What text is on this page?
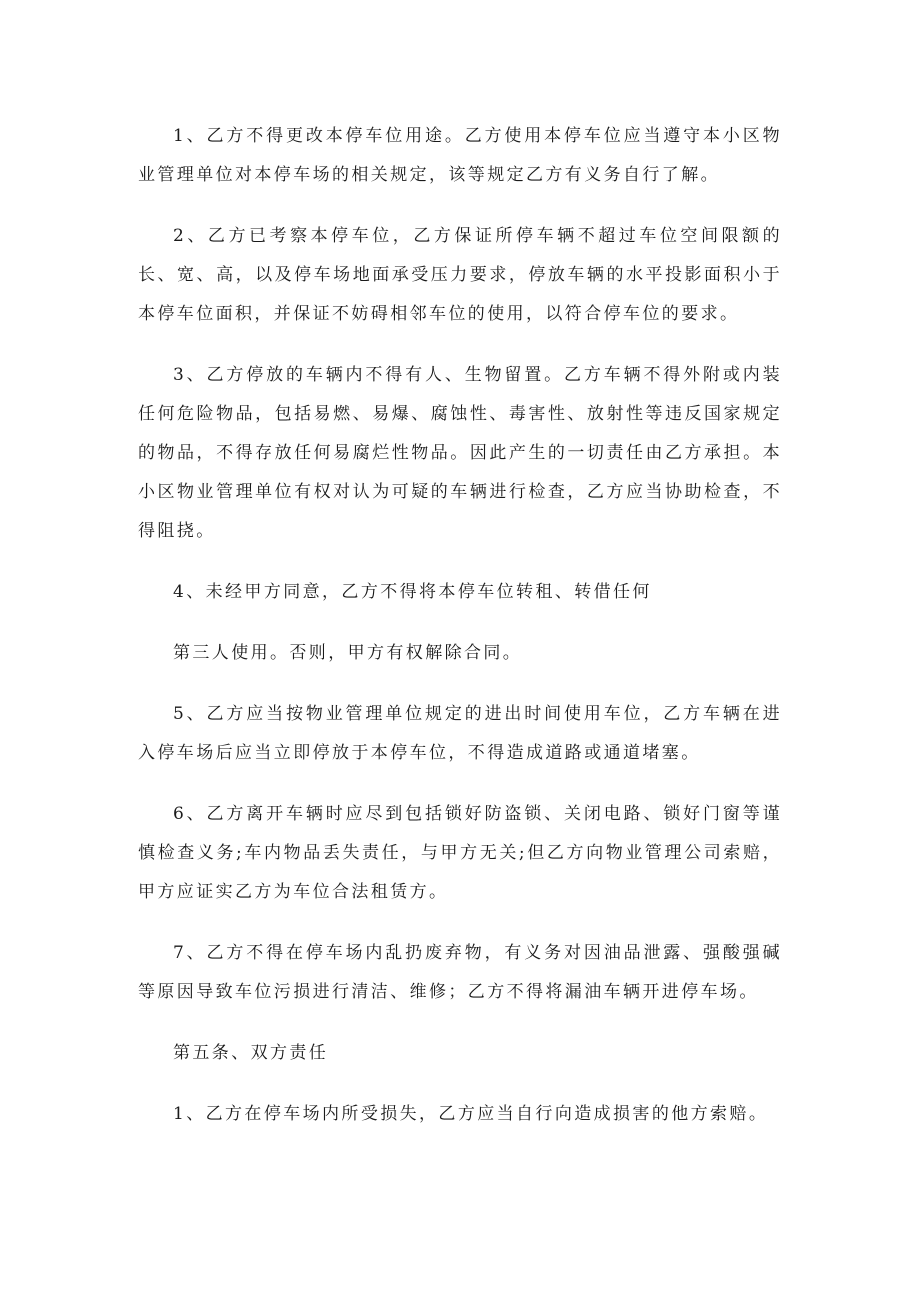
1、乙方不得更改本停车位用途。乙方使用本停车位应当遵守本小区物业管理单位对本停车场的相关规定，该等规定乙方有义务自行了解。

2、乙方已考察本停车位，乙方保证所停车辆不超过车位空间限额的长、宽、高，以及停车场地面承受压力要求，停放车辆的水平投影面积小于本停车位面积，并保证不妨碍相邻车位的使用，以符合停车位的要求。

3、乙方停放的车辆内不得有人、生物留置。乙方车辆不得外附或内装任何危险物品，包括易燃、易爆、腐蚀性、毒害性、放射性等违反国家规定的物品，不得存放任何易腐烂性物品。因此产生的一切责任由乙方承担。本小区物业管理单位有权对认为可疑的车辆进行检查，乙方应当协助检查，不得阻挠。

4、未经甲方同意，乙方不得将本停车位转租、转借任何

第三人使用。否则，甲方有权解除合同。

5、乙方应当按物业管理单位规定的进出时间使用车位，乙方车辆在进入停车场后应当立即停放于本停车位，不得造成道路或通道堵塞。

6、乙方离开车辆时应尽到包括锁好防盗锁、关闭电路、锁好门窗等谨慎检查义务;车内物品丢失责任，与甲方无关;但乙方向物业管理公司索赔，甲方应证实乙方为车位合法租赁方。

7、乙方不得在停车场内乱扔废弃物，有义务对因油品泄露、强酸强碱等原因导致车位污损进行清洁、维修；乙方不得将漏油车辆开进停车场。

第五条、双方责任

1、乙方在停车场内所受损失，乙方应当自行向造成损害的他方索赔。
